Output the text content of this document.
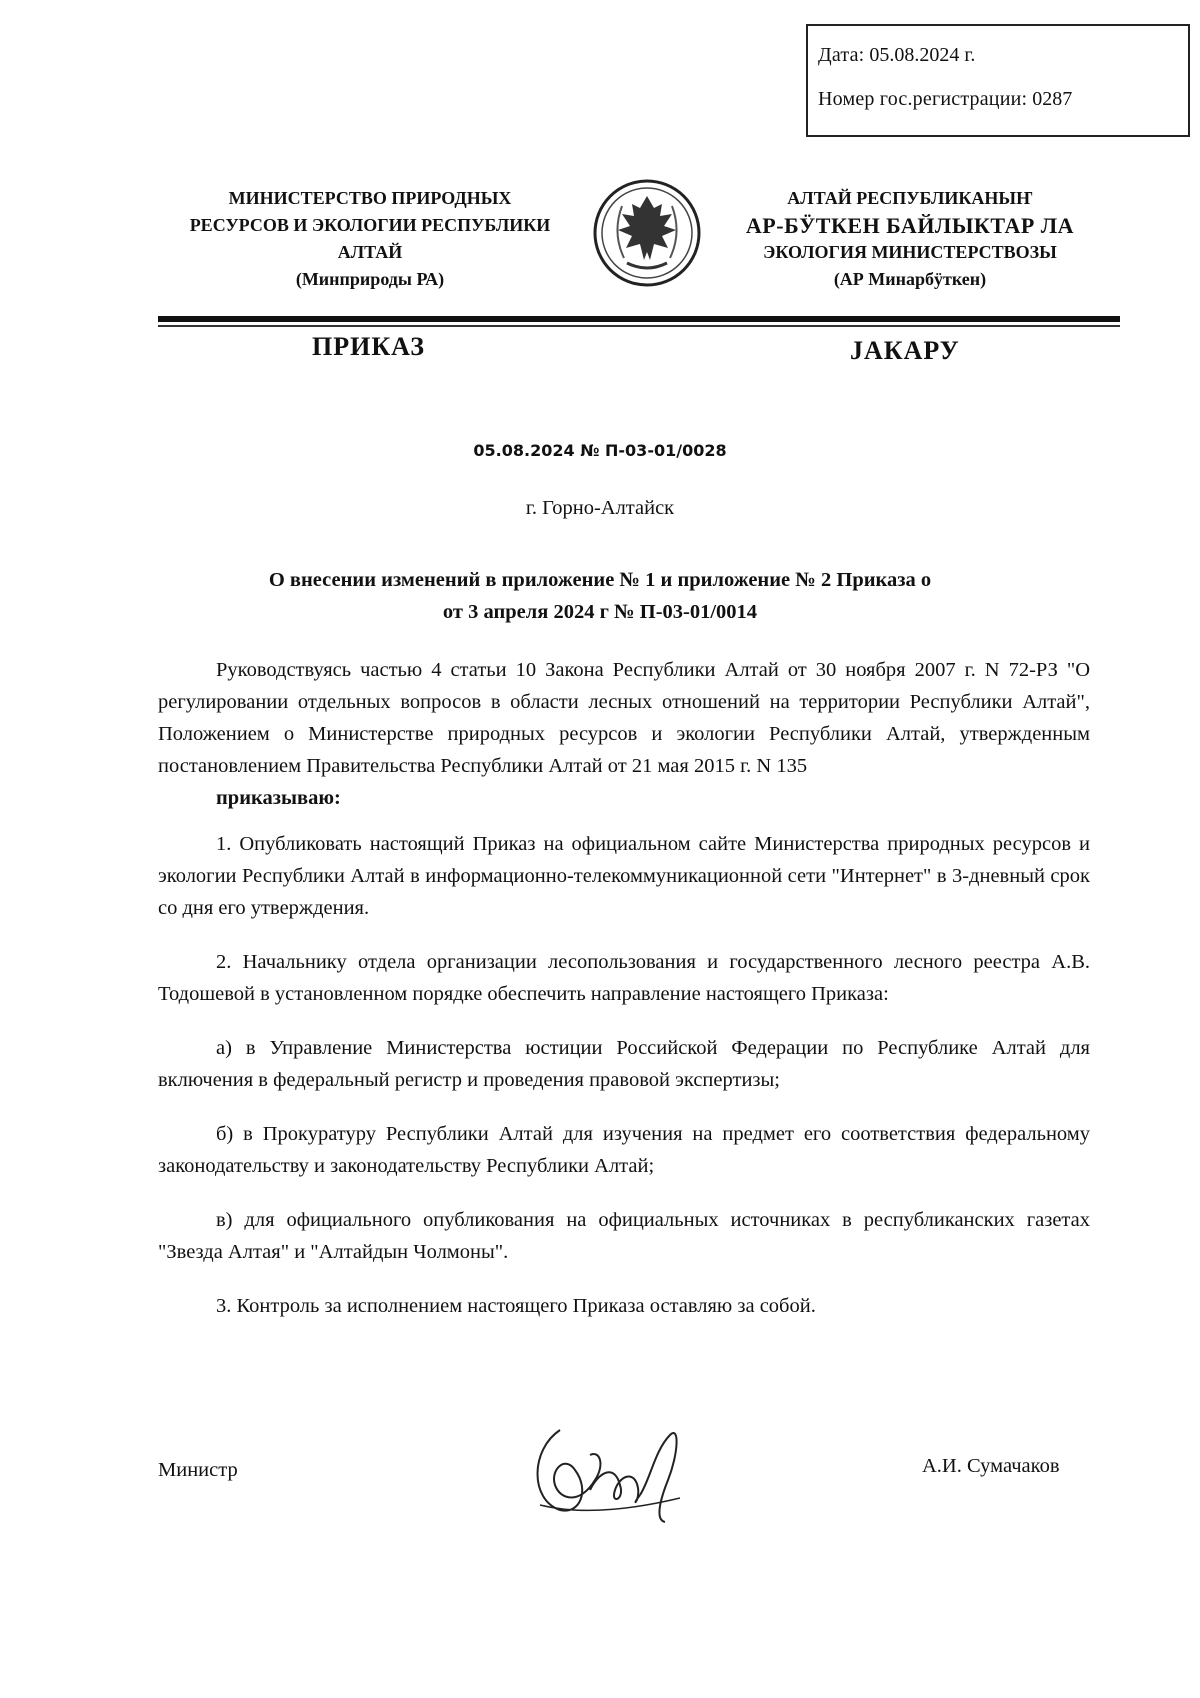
Дата: 05.08.2024 г.
Номер гос.регистрации: 0287
МИНИСТЕРСТВО ПРИРОДНЫХ
РЕСУРСОВ И ЭКОЛОГИИ РЕСПУБЛИКИ
АЛТАЙ
(Минприроды РА)
АЛТАЙ РЕСПУБЛИКАНЫҤ
АР-БӰТКЕН БАЙЛЫКТАР ЛА
ЭКОЛОГИЯ МИНИСТЕРСТВОЗЫ
(АР Минарбӱткен)
ПРИКАЗ	ЈАКАРУ
05.08.2024 № П-03-01/0028
г. Горно-Алтайск
О внесении изменений в приложение № 1 и приложение № 2 Приказа о
от 3 апреля 2024 г № П-03-01/0014

Руководствуясь частью 4 статьи 10 Закона Республики Алтай от 30 ноября 2007 г. N 72-РЗ "О регулировании отдельных вопросов в области лесных отношений на территории Республики Алтай", Положением о Министерстве природных ресурсов и экологии Республики Алтай, утвержденным постановлением Правительства Республики Алтай от 21 мая 2015 г. N 135

приказываю:

1. Опубликовать настоящий Приказ на официальном сайте Министерства природных ресурсов и экологии Республики Алтай в информационно-телекоммуникационной сети "Интернет" в 3-дневный срок со дня его утверждения.

2. Начальнику отдела организации лесопользования и государственного лесного реестра А.В. Тодошевой в установленном порядке обеспечить направление настоящего Приказа:

а) в Управление Министерства юстиции Российской Федерации по Республике Алтай для включения в федеральный регистр и проведения правовой экспертизы;

б) в Прокуратуру Республики Алтай для изучения на предмет его соответствия федеральному законодательству и законодательству Республики Алтай;

в) для официального опубликования на официальных источниках в республиканских газетах "Звезда Алтая" и "Алтайдын Чолмоны".

3. Контроль за исполнением настоящего Приказа оставляю за собой.

Министр	А.И. Сумачаков
